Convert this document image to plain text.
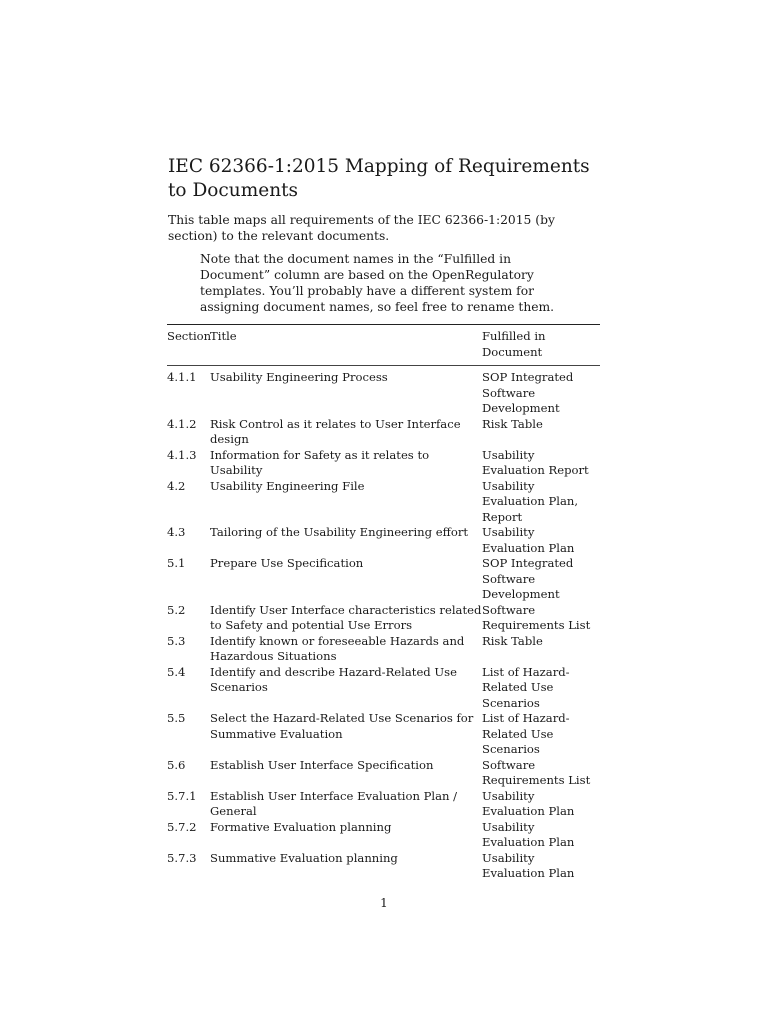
IEC 62366-1:2015 Mapping of Requirements to Documents

This table maps all requirements of the IEC 62366-1:2015 (by section) to the relevant documents.

Note that the document names in the “Fulfilled in Document” column are based on the OpenRegulatory templates. You’ll probably have a different system for assigning document names, so feel free to rename them.

Section	Title	Fulfilled in Document
4.1.1	Usability Engineering Process	SOP Integrated Software Development
4.1.2	Risk Control as it relates to User Interface design	Risk Table
4.1.3	Information for Safety as it relates to Usability	Usability Evaluation Report
4.2	Usability Engineering File	Usability Evaluation Plan, Report
4.3	Tailoring of the Usability Engineering effort	Usability Evaluation Plan
5.1	Prepare Use Specification	SOP Integrated Software Development
5.2	Identify User Interface characteristics related to Safety and potential Use Errors	Software Requirements List
5.3	Identify known or foreseeable Hazards and Hazardous Situations	Risk Table
5.4	Identify and describe Hazard-Related Use Scenarios	List of Hazard-Related Use Scenarios
5.5	Select the Hazard-Related Use Scenarios for Summative Evaluation	List of Hazard-Related Use Scenarios
5.6	Establish User Interface Specification	Software Requirements List
5.7.1	Establish User Interface Evaluation Plan / General	Usability Evaluation Plan
5.7.2	Formative Evaluation planning	Usability Evaluation Plan
5.7.3	Summative Evaluation planning	Usability Evaluation Plan
1
